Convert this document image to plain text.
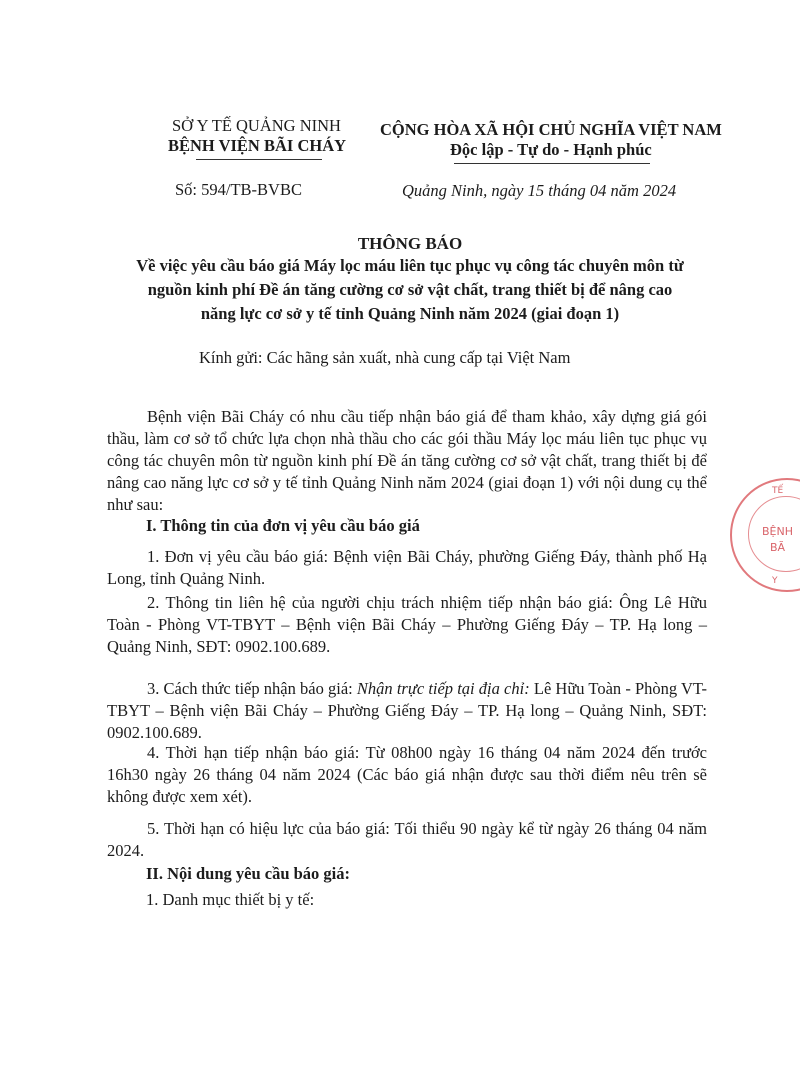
SỞ Y TẾ QUẢNG NINH
BỆNH VIỆN BÃI CHÁY
CỘNG HÒA XÃ HỘI CHỦ NGHĨA VIỆT NAM
Độc lập - Tự do - Hạnh phúc
Số: 594/TB-BVBC	Quảng Ninh, ngày 15 tháng 04 năm 2024
THÔNG BÁO
Về việc yêu cầu báo giá Máy lọc máu liên tục phục vụ công tác chuyên môn từ
nguồn kinh phí Đề án tăng cường cơ sở vật chất, trang thiết bị để nâng cao
năng lực cơ sở y tế tỉnh Quảng Ninh năm 2024 (giai đoạn 1)
Kính gửi: Các hãng sản xuất, nhà cung cấp tại Việt Nam
Bệnh viện Bãi Cháy có nhu cầu tiếp nhận báo giá để tham khảo, xây dựng giá gói thầu, làm cơ sở tổ chức lựa chọn nhà thầu cho các gói thầu Máy lọc máu liên tục phục vụ công tác chuyên môn từ nguồn kinh phí Đề án tăng cường cơ sở vật chất, trang thiết bị để nâng cao năng lực cơ sở y tế tỉnh Quảng Ninh năm 2024 (giai đoạn 1) với nội dung cụ thể như sau:
I. Thông tin của đơn vị yêu cầu báo giá
1. Đơn vị yêu cầu báo giá: Bệnh viện Bãi Cháy, phường Giếng Đáy, thành phố Hạ Long, tỉnh Quảng Ninh.
2. Thông tin liên hệ của người chịu trách nhiệm tiếp nhận báo giá: Ông Lê Hữu Toàn - Phòng VT-TBYT – Bệnh viện Bãi Cháy – Phường Giếng Đáy – TP. Hạ long – Quảng Ninh, SĐT: 0902.100.689.
3. Cách thức tiếp nhận báo giá: Nhận trực tiếp tại địa chỉ: Lê Hữu Toàn - Phòng VT-TBYT – Bệnh viện Bãi Cháy – Phường Giếng Đáy – TP. Hạ long – Quảng Ninh, SĐT: 0902.100.689.
4. Thời hạn tiếp nhận báo giá: Từ 08h00 ngày 16 tháng 04 năm 2024 đến trước 16h30 ngày 26 tháng 04 năm 2024 (Các báo giá nhận được sau thời điểm nêu trên sẽ không được xem xét).
5. Thời hạn có hiệu lực của báo giá: Tối thiểu 90 ngày kể từ ngày 26 tháng 04 năm 2024.
II. Nội dung yêu cầu báo giá:
1. Danh mục thiết bị y tế:
TẾ
BỆNH
BÃ
Y
